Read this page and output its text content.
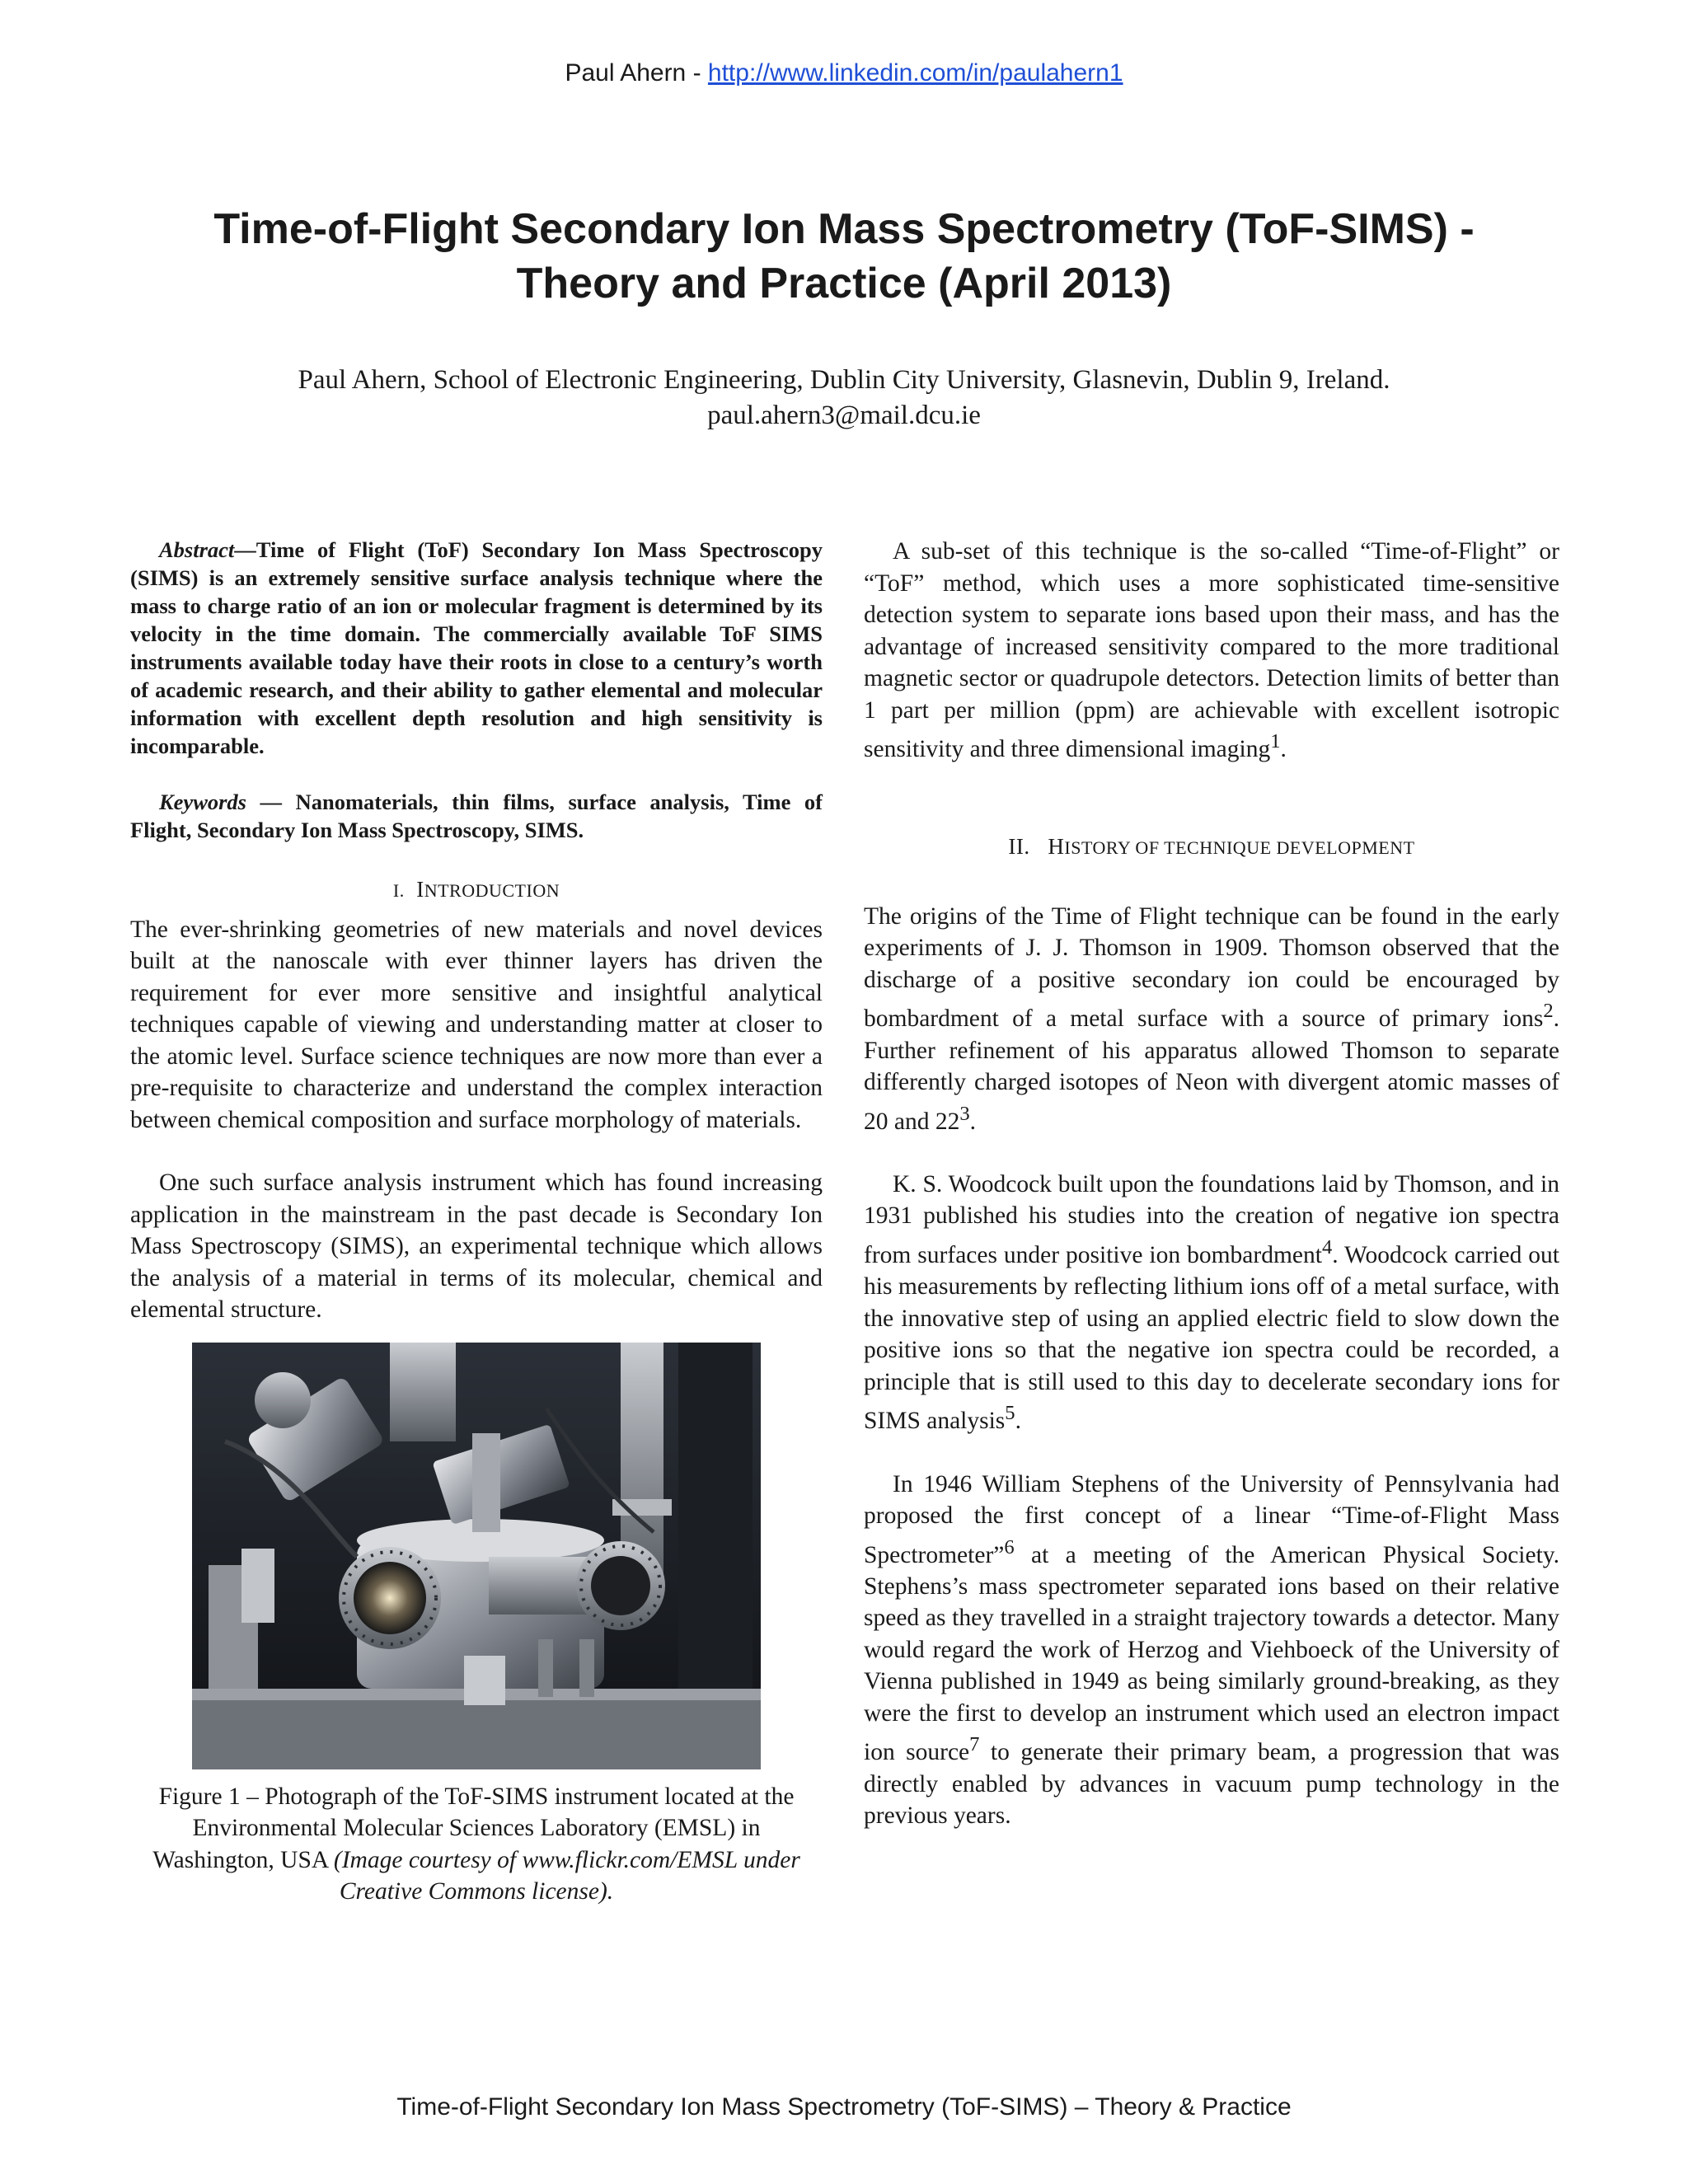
Paul Ahern - http://www.linkedin.com/in/paulahern1
Time-of-Flight Secondary Ion Mass Spectrometry (ToF-SIMS) -
Theory and Practice (April 2013)
Paul Ahern, School of Electronic Engineering, Dublin City University, Glasnevin, Dublin 9, Ireland.
paul.ahern3@mail.dcu.ie

Abstract—Time of Flight (ToF) Secondary Ion Mass Spectroscopy (SIMS) is an extremely sensitive surface analysis technique where the mass to charge ratio of an ion or molecular fragment is determined by its velocity in the time domain. The commercially available ToF SIMS instruments available today have their roots in close to a century’s worth of academic research, and their ability to gather elemental and molecular information with excellent depth resolution and high sensitivity is incomparable.

Keywords — Nanomaterials, thin films, surface analysis, Time of Flight, Secondary Ion Mass Spectroscopy, SIMS.

I. INTRODUCTION

The ever-shrinking geometries of new materials and novel devices built at the nanoscale with ever thinner layers has driven the requirement for ever more sensitive and insightful analytical techniques capable of viewing and understanding matter at closer to the atomic level. Surface science techniques are now more than ever a pre-requisite to characterize and understand the complex interaction between chemical composition and surface morphology of materials.

One such surface analysis instrument which has found increasing application in the mainstream in the past decade is Secondary Ion Mass Spectroscopy (SIMS), an experimental technique which allows the analysis of a material in terms of its molecular, chemical and elemental structure.

Figure 1 – Photograph of the ToF-SIMS instrument located at the Environmental Molecular Sciences Laboratory (EMSL) in Washington, USA (Image courtesy of www.flickr.com/EMSL under Creative Commons license).

A sub-set of this technique is the so-called “Time-of-Flight” or “ToF” method, which uses a more sophisticated time-sensitive detection system to separate ions based upon their mass, and has the advantage of increased sensitivity compared to the more traditional magnetic sector or quadrupole detectors. Detection limits of better than 1 part per million (ppm) are achievable with excellent isotropic sensitivity and three dimensional imaging$^1$.

II. HISTORY OF TECHNIQUE DEVELOPMENT

The origins of the Time of Flight technique can be found in the early experiments of J. J. Thomson in 1909. Thomson observed that the discharge of a positive secondary ion could be encouraged by bombardment of a metal surface with a source of primary ions$^2$. Further refinement of his apparatus allowed Thomson to separate differently charged isotopes of Neon with divergent atomic masses of 20 and $22^3$.

K. S. Woodcock built upon the foundations laid by Thomson, and in 1931 published his studies into the creation of negative ion spectra from surfaces under positive ion bombardment$^4$. Woodcock carried out his measurements by reflecting lithium ions off of a metal surface, with the innovative step of using an applied electric field to slow down the positive ions so that the negative ion spectra could be recorded, a principle that is still used to this day to decelerate secondary ions for SIMS analysis$^5$.

In 1946 William Stephens of the University of Pennsylvania had proposed the first concept of a linear “Time-of-Flight Mass Spectrometer”$^6$ at a meeting of the American Physical Society. Stephens’s mass spectrometer separated ions based on their relative speed as they travelled in a straight trajectory towards a detector. Many would regard the work of Herzog and Viehboeck of the University of Vienna published in 1949 as being similarly ground-breaking, as they were the first to develop an instrument which used an electron impact ion source$^7$ to generate their primary beam, a progression that was directly enabled by advances in vacuum pump technology in the previous years.

Time-of-Flight Secondary Ion Mass Spectrometry (ToF-SIMS) – Theory & Practice
